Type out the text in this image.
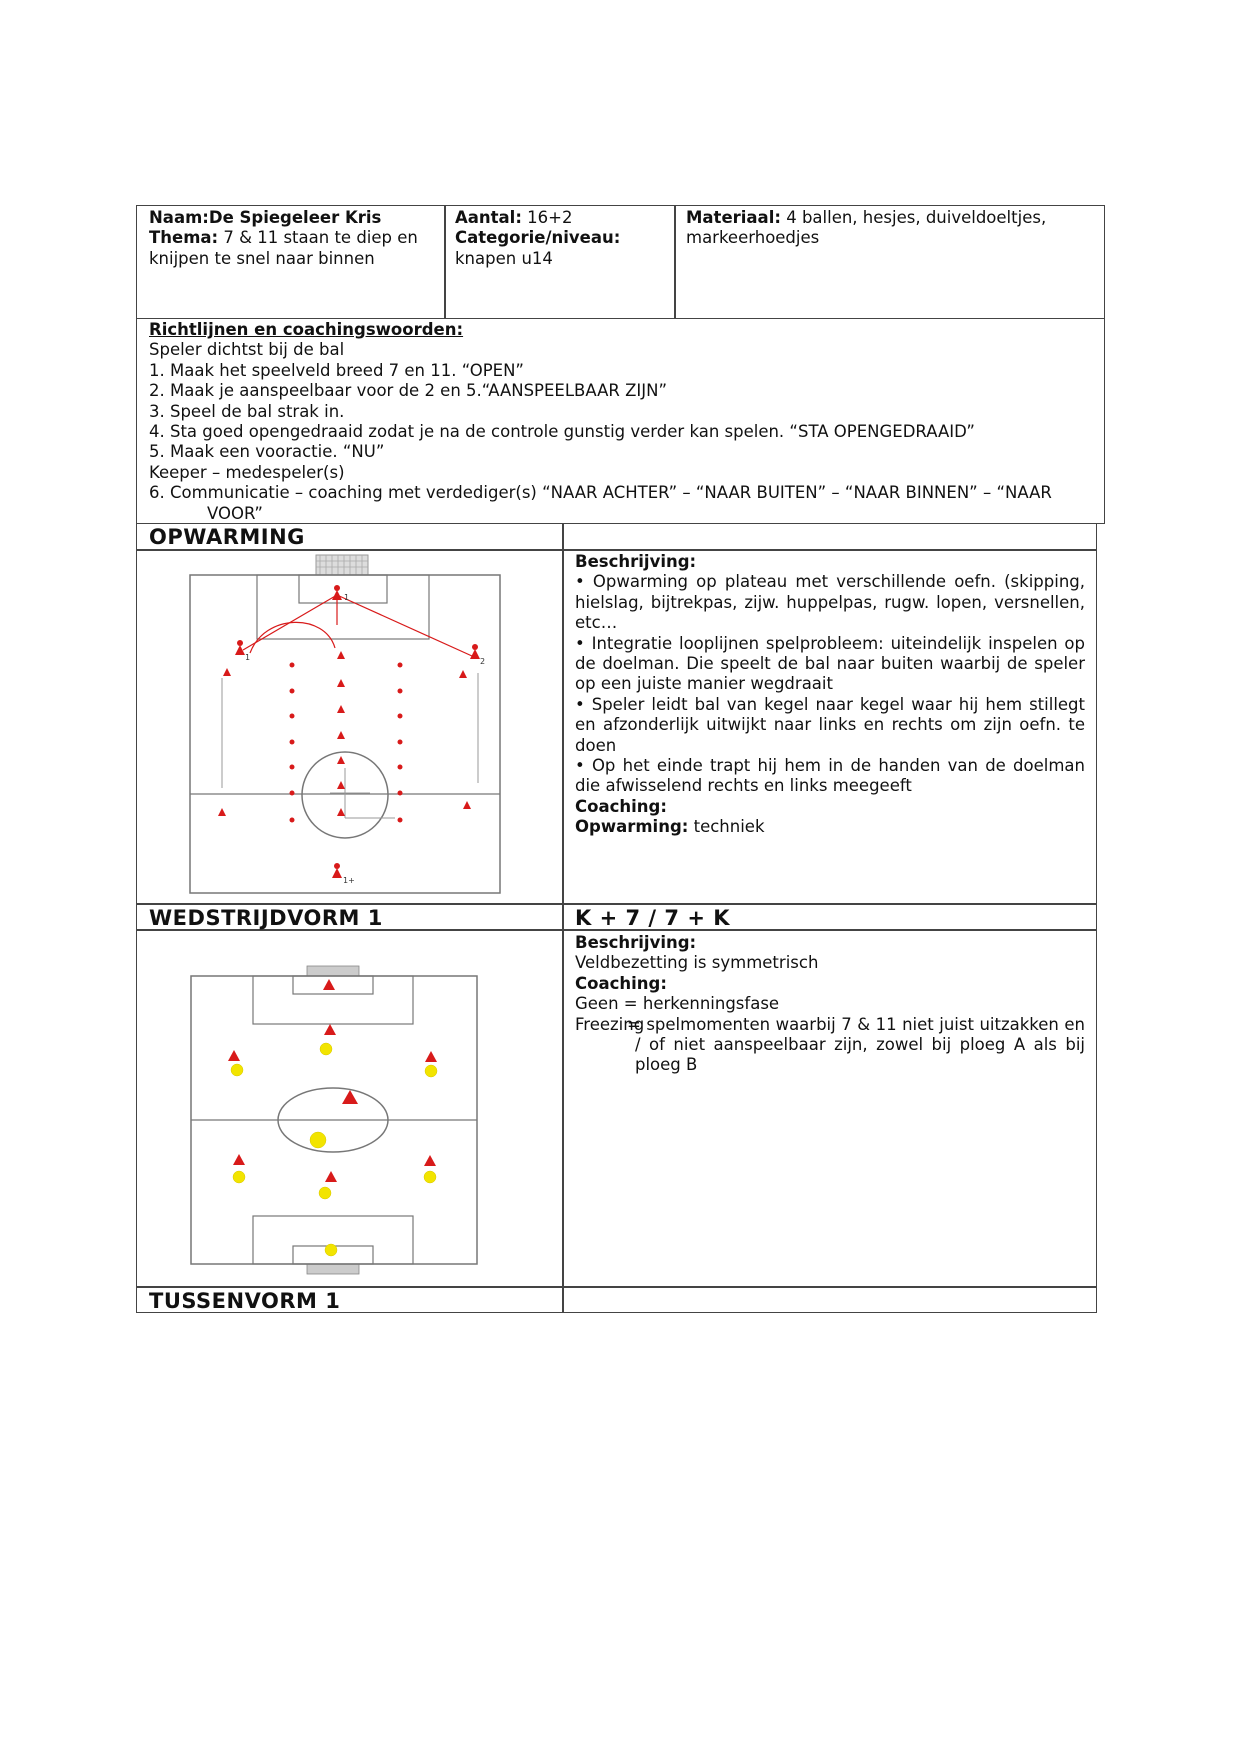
Naam:De Spiegeleer Kris
Thema: 7 & 11 staan te diep en knijpen te snel naar binnen
Aantal: 16+2
Categorie/niveau:
knapen u14
Materiaal: 4 ballen, hesjes, duiveldoeltjes, markeerhoedjes
Richtlijnen en coachingswoorden:
Speler dichtst bij de bal
1. Maak het speelveld breed 7 en 11. “OPEN”
2. Maak je aanspeelbaar voor de 2 en 5.“AANSPEELBAAR ZIJN”
3. Speel de bal strak in.
4. Sta goed opengedraaid zodat je na de controle gunstig verder kan spelen. “STA OPENGEDRAAID”
5. Maak een vooractie. “NU”
Keeper – medespeler(s)
6. Communicatie – coaching met verdediger(s) “NAAR ACHTER” – “NAAR BUITEN” – “NAAR BINNEN” – “NAAR
VOOR”
OPWARMING
1
1	2
1+
Beschrijving:
• Opwarming op plateau met verschillende oefn. (skipping, hielslag, bijtrekpas, zijw. huppelpas, rugw. lopen, versnellen, etc…
• Integratie looplijnen spelprobleem: uiteindelijk inspelen op de doelman. Die speelt de bal naar buiten waarbij de speler op een juiste manier wegdraait
• Speler leidt bal van kegel naar kegel waar hij hem stillegt en afzonderlijk uitwijkt naar links en rechts om zijn oefn. te doen
• Op het einde trapt hij hem in de handen van de doelman die afwisselend rechts en links meegeeft
Coaching:
Opwarming: techniek
WEDSTRIJDVORM 1	K + 7 / 7 + K
Beschrijving:
Veldbezetting is symmetrisch
Coaching:
Geen = herkenningsfase
Freezing
= spelmomenten waarbij 7 & 11 niet juist uitzakken en / of niet aanspeelbaar zijn, zowel bij ploeg A als bij ploeg B
TUSSENVORM 1
